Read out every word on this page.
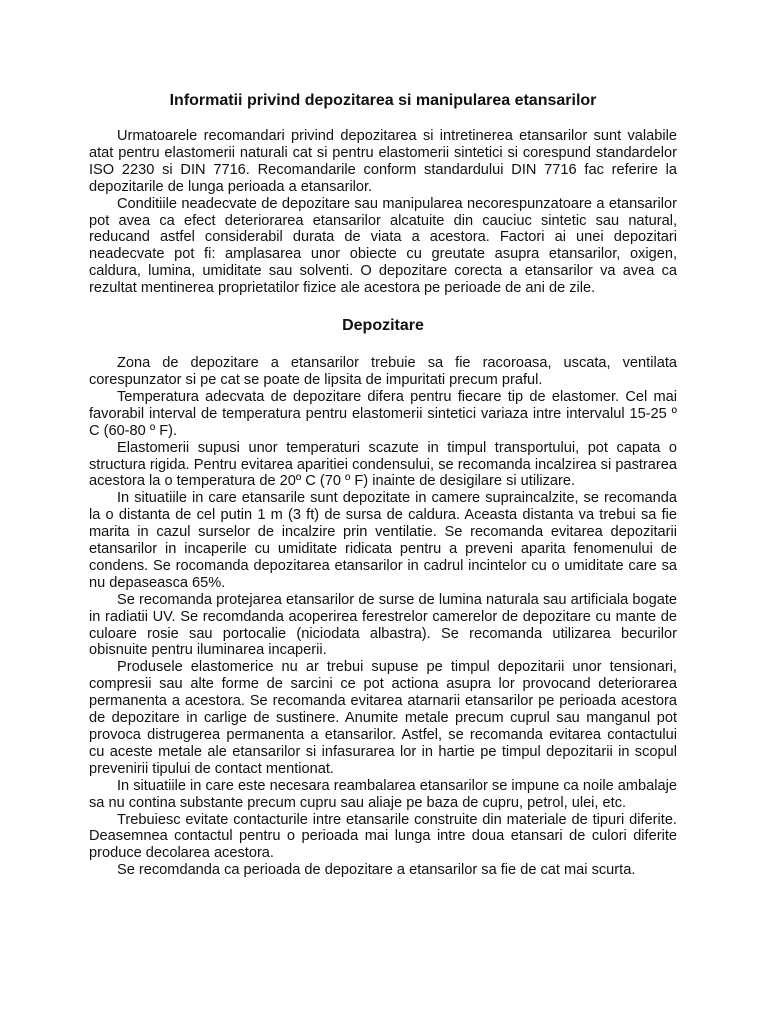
Informatii privind depozitarea si manipularea etansarilor

Urmatoarele recomandari privind depozitarea si intretinerea etansarilor sunt valabile atat pentru elastomerii naturali cat si pentru elastomerii sintetici si corespund standardelor ISO 2230 si DIN 7716. Recomandarile conform standardului DIN 7716 fac referire la depozitarile de lunga perioada a etansarilor.

Conditiile neadecvate de depozitare sau manipularea necorespunzatoare a etansarilor pot avea ca efect deteriorarea etansarilor alcatuite din cauciuc sintetic sau natural, reducand astfel considerabil durata de viata a acestora. Factori ai unei depozitari neadecvate pot fi: amplasarea unor obiecte cu greutate asupra etansarilor, oxigen, caldura, lumina, umiditate sau solventi. O depozitare corecta a etansarilor va avea ca rezultat mentinerea proprietatilor fizice ale acestora pe perioade de ani de zile.

Depozitare

Zona de depozitare a etansarilor trebuie sa fie racoroasa, uscata, ventilata corespunzator si pe cat se poate de lipsita de impuritati precum praful.

Temperatura adecvata de depozitare difera pentru fiecare tip de elastomer. Cel mai favorabil interval de temperatura pentru elastomerii sintetici variaza intre intervalul 15-25 º C (60-80 º F).

Elastomerii supusi unor temperaturi scazute in timpul transportului, pot capata o structura rigida. Pentru evitarea aparitiei condensului, se recomanda incalzirea si pastrarea acestora la o temperatura de 20º C (70 º F) inainte de desigilare si utilizare.

In situatiile in care etansarile sunt depozitate in camere supraincalzite, se recomanda la o distanta de cel putin 1 m (3 ft) de sursa de caldura. Aceasta distanta va trebui sa fie marita in cazul surselor de incalzire prin ventilatie. Se recomanda evitarea depozitarii etansarilor in incaperile cu umiditate ridicata pentru a preveni aparita fenomenului de condens. Se rocomanda depozitarea etansarilor in cadrul incintelor cu o umiditate care sa nu depaseasca 65%.

Se recomanda protejarea etansarilor de surse de lumina naturala sau artificiala bogate in radiatii UV. Se recomdanda acoperirea ferestrelor camerelor de depozitare cu mante de culoare rosie sau portocalie (niciodata albastra). Se recomanda utilizarea becurilor obisnuite pentru iluminarea incaperii.

Produsele elastomerice nu ar trebui supuse pe timpul depozitarii unor tensionari, compresii sau alte forme de sarcini ce pot actiona asupra lor provocand deteriorarea permanenta a acestora. Se recomanda evitarea atarnarii etansarilor pe perioada acestora de depozitare in carlige de sustinere. Anumite metale precum cuprul sau manganul pot provoca distrugerea permanenta a etansarilor. Astfel, se recomanda evitarea contactului cu aceste metale ale etansarilor si infasurarea lor in hartie pe timpul depozitarii in scopul prevenirii tipului de contact mentionat.

In situatiile in care este necesara reambalarea etansarilor se impune ca noile ambalaje sa nu contina substante precum cupru sau aliaje pe baza de cupru, petrol, ulei, etc.

Trebuiesc evitate contacturile intre etansarile construite din materiale de tipuri diferite. Deasemnea contactul pentru o perioada mai lunga intre doua etansari de culori diferite produce decolarea acestora.

Se recomdanda ca perioada de depozitare a etansarilor sa fie de cat mai scurta.
